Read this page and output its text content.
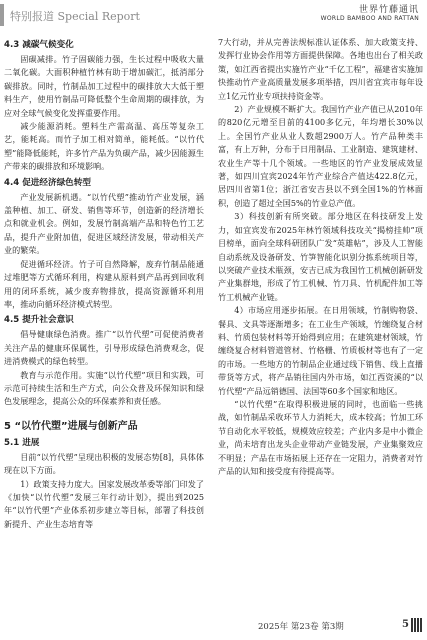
特别报道 Special Report	世界竹藤通讯
WORLD BAMBOO AND RATTAN
4.3 减碳气候变化

固碳减排。竹子固碳能力强，生长过程中吸收大量二氧化碳。大面积种植竹林有助于增加碳汇，抵消部分碳排放。同时，竹制品加工过程中的碳排放大大低于塑料生产，使用竹制品可降低整个生命周期的碳排放，为应对全球气候变化发挥重要作用。

减少能源消耗。塑料生产需高温、高压等复杂工艺，能耗高。而竹子加工相对简单，能耗低。“以竹代塑”能降低能耗，许多竹产品为负碳产品，减少因能源生产带来的碳排放和环境影响。

4.4 促进经济绿色转型

产业发展新机遇。“以竹代塑”推动竹产业发展，涵盖种植、加工、研发、销售等环节，创造新的经济增长点和就业机会。例如，发展竹制高端产品和特色竹工艺品，提升产业附加值，促进区域经济发展，带动相关产业的繁荣。

促进循环经济。竹子可自然降解，废弃竹制品能通过堆肥等方式循环利用，构建从原料到产品再到回收利用的闭环系统，减少废弃物排放，提高资源循环利用率，推动向循环经济模式转型。

4.5 提升社会意识

倡导健康绿色消费。推广“以竹代塑”可促使消费者关注产品的健康环保属性，引导形成绿色消费观念，促进消费模式的绿色转型。

教育与示范作用。实施“以竹代塑”项目和实践，可示范可持续生活和生产方式，向公众普及环保知识和绿色发展理念，提高公众的环保素养和责任感。

5 “以竹代塑”进展与创新产品
5.1 进展

目前“以竹代塑”呈现出积极的发展态势[8]，具体体现在以下方面。

1）政策支持力度大。国家发展改革委等部门印发了《加快“以竹代塑”发展三年行动计划》，提出到2025年“以竹代塑”产业体系初步建立等目标，部署了科技创新提升、产业生态培育等

7大行动，并从完善法规标准认证体系、加大政策支持、发挥行业协会作用等方面提供保障。各地也出台了相关政策，如江西省提出实施竹产业“千亿工程”，福建省实施加快推动竹产业高质量发展多项举措，四川省宜宾市每年设立1亿元竹业专项扶持资金等。

2）产业规模不断扩大。我国竹产业产值已从2010年的820亿元增至目前的4100多亿元，年均增长30%以上。全国竹产业从业人数超2900万人。竹产品种类丰富，有上万种，分布于日用制品、工业制造、建筑建材、农业生产等十几个领域。一些地区的竹产业发展成效显著，如四川宜宾2024年竹产业综合产值达422.8亿元，居四川省第1位；浙江省安吉县以不到全国1%的竹林面积，创造了超过全国5%的竹业总产值。

3）科技创新有所突破。部分地区在科技研发上发力，如宜宾发布2025年林竹领域科技攻关“揭榜挂帅”项目榜单，面向全球科研团队广发“英雄帖”，涉及人工智能自动系统及设备研发、竹笋智能化识别分拣系统项目等，以突破产业技术瓶颈，安吉已成为我国竹工机械创新研发产业集群地，形成了竹工机械、竹刀具、竹机配件加工等竹工机械产业链。

4）市场应用逐步拓展。在日用领域，竹制购物袋、餐具、文具等逐渐增多；在工业生产领域，竹缠绕复合材料、竹质包装材料等开始得到应用；在建筑建材领域，竹缠绕复合材料管道管材、竹格栅、竹质板材等也有了一定的市场。一些地方的竹制品企业通过线下销售、线上直播带货等方式，将产品销往国内外市场，如江西资溪的“以竹代塑”产品远销德国、法国等60多个国家和地区。

“以竹代塑”在取得积极进展的同时，也面临一些挑战，如竹制品采收环节人力消耗大，成本较高；竹加工环节自动化水平较低，规模效应较差；产业内多是中小微企业，尚未培育出龙头企业带动产业链发展，产业集聚效应不明显；产品在市场拓展上还存在一定阻力，消费者对竹产品的认知和接受度有待提高等。

2025年 第23卷 第3期	5
